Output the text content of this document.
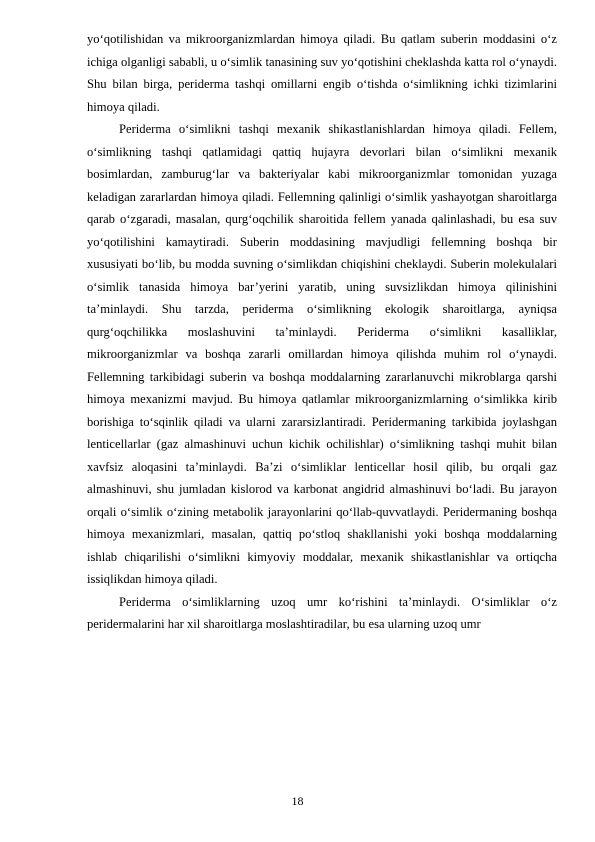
yo‘qotilishidan va mikroorganizmlardan himoya qiladi. Bu qatlam suberin moddasini o‘z ichiga olganligi sababli, u o‘simlik tanasining suv yo‘qotishini cheklashda katta rol o‘ynaydi. Shu bilan birga, periderma tashqi omillarni engib o‘tishda o‘simlikning ichki tizimlarini himoya qiladi.

Periderma o‘simlikni tashqi mexanik shikastlanishlardan himoya qiladi. Fellem, o‘simlikning tashqi qatlamidagi qattiq hujayra devorlari bilan o‘simlikni mexanik bosimlardan, zamburug‘lar va bakteriyalar kabi mikroorganizmlar tomonidan yuzaga keladigan zararlardan himoya qiladi. Fellemning qalinligi o‘simlik yashayotgan sharoitlarga qarab o‘zgaradi, masalan, qurg‘oqchilik sharoitida fellem yanada qalinlashadi, bu esa suv yo‘qotilishini kamaytiradi. Suberin moddasining mavjudligi fellemning boshqa bir xususiyati bo‘lib, bu modda suvning o‘simlikdan chiqishini cheklaydi. Suberin molekulalari o‘simlik tanasida himoya bar’yerini yaratib, uning suvsizlikdan himoya qilinishini ta’minlaydi. Shu tarzda, periderma o‘simlikning ekologik sharoitlarga, ayniqsa qurg‘oqchilikka moslashuvini ta’minlaydi. Periderma o‘simlikni kasalliklar, mikroorganizmlar va boshqa zararli omillardan himoya qilishda muhim rol o‘ynaydi. Fellemning tarkibidagi suberin va boshqa moddalarning zararlanuvchi mikroblarga qarshi himoya mexanizmi mavjud. Bu himoya qatlamlar mikroorganizmlarning o‘simlikka kirib borishiga to‘sqinlik qiladi va ularni zararsizlantiradi. Peridermaning tarkibida joylashgan lenticellarlar (gaz almashinuvi uchun kichik ochilishlar) o‘simlikning tashqi muhit bilan xavfsiz aloqasini ta’minlaydi. Ba’zi o‘simliklar lenticellar hosil qilib, bu orqali gaz almashinuvi, shu jumladan kislorod va karbonat angidrid almashinuvi bo‘ladi. Bu jarayon orqali o‘simlik o‘zining metabolik jarayonlarini qo‘llab-quvvatlaydi. Peridermaning boshqa himoya mexanizmlari, masalan, qattiq po‘stloq shakllanishi yoki boshqa moddalarning ishlab chiqarilishi o‘simlikni kimyoviy moddalar, mexanik shikastlanishlar va ortiqcha issiqlikdan himoya qiladi.

Periderma o‘simliklarning uzoq umr ko‘rishini ta’minlaydi. O‘simliklar o‘z peridermalarini har xil sharoitlarga moslashtiradilar, bu esa ularning uzoq umr

18
